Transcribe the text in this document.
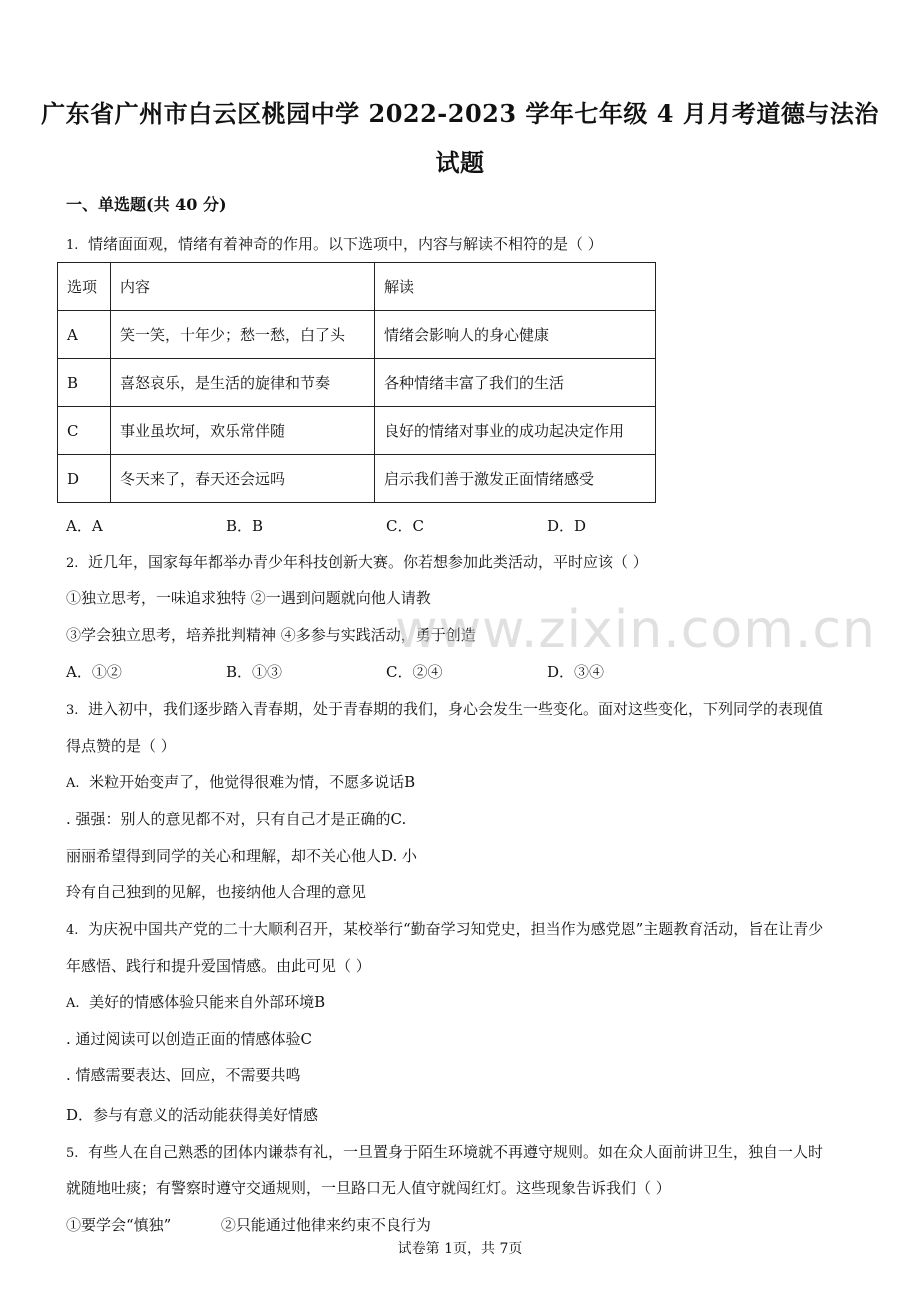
广东省广州市白云区桃园中学 2022-2023 学年七年级 4 月月考道德与法治
试题
一、单选题(共 40 分)
1. 情绪面面观，情绪有着神奇的作用。以下选项中，内容与解读不相符的是（ ）
选项	内容	解读
A	笑一笑，十年少；愁一愁，白了头	情绪会影响人的身心健康
B	喜怒哀乐，是生活的旋律和节奏	各种情绪丰富了我们的生活
C	事业虽坎坷，欢乐常伴随	良好的情绪对事业的成功起决定作用
D	冬天来了，春天还会远吗	启示我们善于激发正面情绪感受
A．A	B．B	C．C	D．D
2. 近几年，国家每年都举办青少年科技创新大赛。你若想参加此类活动，平时应该（ ）
①独立思考，一味追求独特 ②一遇到问题就向他人请教
③学会独立思考，培养批判精神 ④多参与实践活动，勇于创造
A．①②	B．①③	C．②④	D．③④
www.zixin.com.cn
3. 进入初中，我们逐步踏入青春期，处于青春期的我们，身心会发生一些变化。面对这些变化，下列同学的表现值
得点赞的是（ ）
A. 米粒开始变声了，他觉得很难为情，不愿多说话B
. 强强：别人的意见都不对，只有自己才是正确的C.
丽丽希望得到同学的关心和理解，却不关心他人D. 小
玲有自己独到的见解，也接纳他人合理的意见
4. 为庆祝中国共产党的二十大顺利召开，某校举行“勤奋学习知党史，担当作为感党恩”主题教育活动，旨在让青少
年感悟、践行和提升爱国情感。由此可见（ ）
A. 美好的情感体验只能来自外部环境B
. 通过阅读可以创造正面的情感体验C
. 情感需要表达、回应，不需要共鸣
D．参与有意义的活动能获得美好情感
5. 有些人在自己熟悉的团体内谦恭有礼，一旦置身于陌生环境就不再遵守规则。如在众人面前讲卫生，独自一人时
就随地吐痰；有警察时遵守交通规则，一旦路口无人值守就闯红灯。这些现象告诉我们（ ）
①要学会“慎独”	②只能通过他律来约束不良行为
试卷第 1页，共 7页
